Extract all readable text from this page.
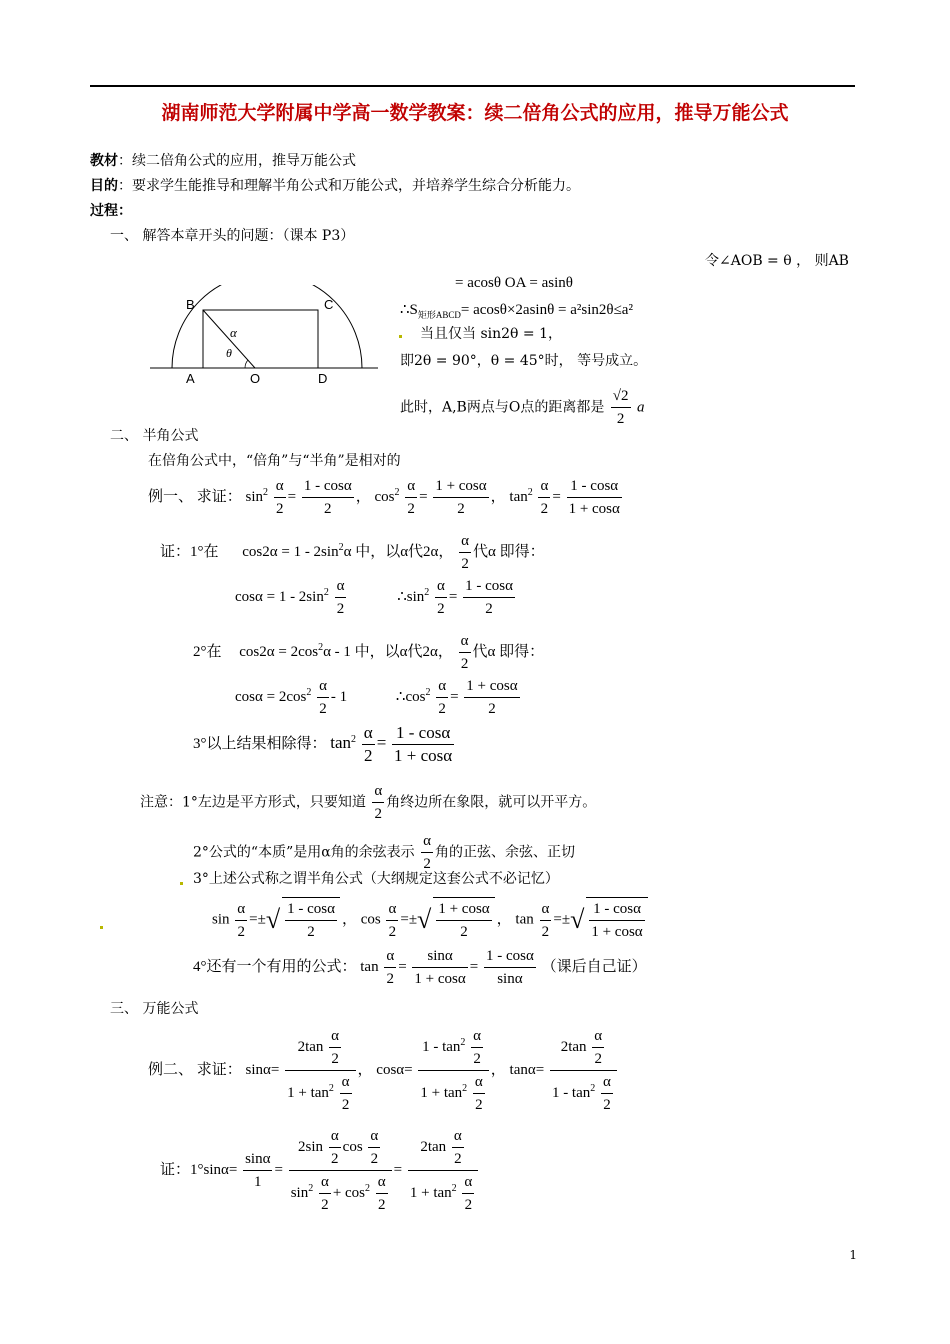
湖南师范大学附属中学高一数学教案：续二倍角公式的应用，推导万能公式
教材：续二倍角公式的应用，推导万能公式
目的：要求学生能推导和理解半角公式和万能公式，并培养学生综合分析能力。
过程：
一、 解答本章开头的问题：（课本 P3）
令∠AOB = θ ， 则AB
= acosθ OA = asinθ
$\therefore S_{矩形ABCD}= acos\theta\times 2asin\theta = a^2\sin 2\theta\le a^2$
当且仅当 sin2θ = 1，
即2θ = 90°，θ = 45°时， 等号成立。
此时，A,B两点与O点的距离都是 $\frac{√2}{2}$ a
B	C
A	O	D
α
θ
二、 半角公式
在倍角公式中，“倍角”与“半角”是相对的
例一、 求证： $\sin^2 \frac{\alpha}{2} = \frac{1 - \cos\alpha}{2}$ ， $\cos^2 \frac{\alpha}{2} = \frac{1 + \cos\alpha}{2}$ ， $\tan^2 \frac{\alpha}{2} = \frac{1 - \cos\alpha}{1 + \cos\alpha}$
证：1°在 $\cos 2\alpha = 1 - 2\sin^2\alpha$ 中，以α代2α， $\frac{\alpha}{2}$ 代α 即得：
$\cos\alpha = 1 - 2\sin^2 \frac{\alpha}{2}$	$\therefore\sin^2 \frac{\alpha}{2} = \frac{1 - \cos\alpha}{2}$
2°在 $\cos 2\alpha = 2\cos^2\alpha - 1$ 中，以α代2α， $\frac{\alpha}{2}$ 代α 即得：
$\cos\alpha = 2\cos^2 \frac{\alpha}{2} - 1$	$\therefore\cos^2 \frac{\alpha}{2} = \frac{1 + \cos\alpha}{2}$
3°以上结果相除得： $\tan^2 \frac{\alpha}{2} = \frac{1 - \cos\alpha}{1 + \cos\alpha}$
注意：1°左边是平方形式，只要知道 $\frac{\alpha}{2}$ 角终边所在象限，就可以开平方。
2°公式的“本质”是用α角的余弦表示 $\frac{\alpha}{2}$ 角的正弦、余弦、正切
3°上述公式称之谓半角公式（大纲规定这套公式不必记忆）
$\sin \frac{\alpha}{2}$ =±√ $\frac{1 - \cos\alpha}{2}$ ， $\cos \frac{\alpha}{2}$ =±√ $\frac{1 + \cos\alpha}{2}$ ， $\tan \frac{\alpha}{2}$ =±√ $\frac{1 - \cos\alpha}{1 + \cos\alpha}$
4°还有一个有用的公式： $\tan \frac{\alpha}{2} = \frac{\sin\alpha}{1 + \cos\alpha} = \frac{1 - \cos\alpha}{\sin\alpha}$ （课后自己证）
三、 万能公式
例二、 求证： $\sin\alpha= \frac{2\tan \frac{\alpha}{2}}{1 + \tan^2 \frac{\alpha}{2}}$ ， $\cos\alpha= \frac{1 - \tan^2 \frac{\alpha}{2}}{1 + \tan^2 \frac{\alpha}{2}}$ ， $\tan\alpha= \frac{2\tan \frac{\alpha}{2}}{1 - \tan^2 \frac{\alpha}{2}}$
证：$1^\circ\sin\alpha= \frac{\sin\alpha}{1} = \frac{2\sin \frac{\alpha}{2} \cos \frac{\alpha}{2}}{\sin^2 \frac{\alpha}{2} + \cos^2 \frac{\alpha}{2}} = \frac{2\tan \frac{\alpha}{2}}{1 + \tan^2 \frac{\alpha}{2}}$
1
